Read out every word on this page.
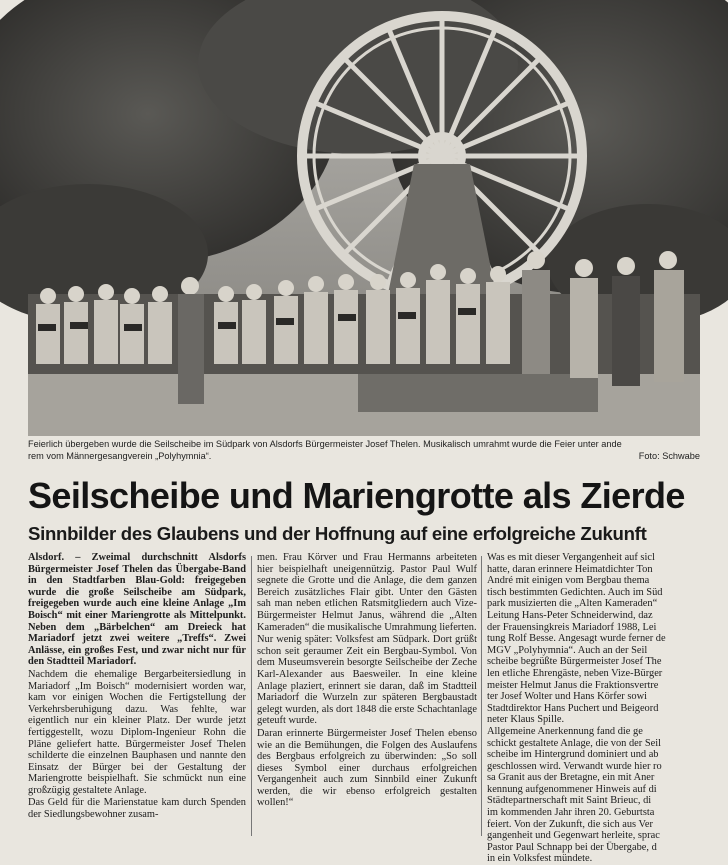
Feierlich übergeben wurde die Seilscheibe im Südpark von Alsdorfs Bürgermeister Josef Thelen. Musikalisch umrahmt wurde die Feier unter ande
rem vom Männergesangverein „Polyhymnia“.	Foto: Schwabe
Seilscheibe und Mariengrotte als Zierde
Sinnbilder des Glaubens und der Hoffnung auf eine erfolgreiche Zukunft

Alsdorf. – Zweimal durchschnitt Alsdorfs Bürgermeister Josef Thelen das Übergabe-Band in den Stadtfarben Blau-Gold: freigegeben wurde die große Seilscheibe am Südpark, freigegeben wurde auch eine kleine Anlage „Im Boisch“ mit einer Mariengrotte als Mittelpunkt. Neben dem „Bärbelchen“ am Dreieck hat Mariadorf jetzt zwei weitere „Treffs“. Zwei Anlässe, ein großes Fest, und zwar nicht nur für den Stadtteil Mariadorf.

Nachdem die ehemalige Bergarbeitersiedlung in Mariadorf „Im Boisch“ modernisiert worden war, kam vor einigen Wochen die Fertigstellung der Verkehrsberuhigung dazu. Was fehlte, war eigentlich nur ein kleiner Platz. Der wurde jetzt fertiggestellt, wozu Diplom-Ingenieur Rohn die Pläne geliefert hatte. Bürgermeister Josef Thelen schilderte die einzelnen Bauphasen und nannte den Einsatz der Bürger bei der Gestaltung der Mariengrotte beispielhaft. Sie schmückt nun eine großzügig gestaltete Anlage.

Das Geld für die Marienstatue kam durch Spenden der Siedlungsbewohner zusam-

men. Frau Körver und Frau Hermanns arbeiteten hier beispielhaft uneigennützig. Pastor Paul Wulf segnete die Grotte und die Anlage, die dem ganzen Bereich zusätzliches Flair gibt. Unter den Gästen sah man neben etlichen Ratsmitgliedern auch Vize-Bürgermeister Helmut Janus, während die „Alten Kameraden“ die musikalische Umrahmung lieferten.

Nur wenig später: Volksfest am Südpark. Dort grüßt schon seit geraumer Zeit ein Bergbau-Symbol. Von dem Museumsverein besorgte Seilscheibe der Zeche Karl-Alexander aus Baesweiler. In eine kleine Anlage plaziert, erinnert sie daran, daß im Stadtteil Mariadorf die Wurzeln zur späteren Bergbaustadt gelegt wurden, als dort 1848 die erste Schachtanlage geteuft wurde.

Daran erinnerte Bürgermeister Josef Thelen ebenso wie an die Bemühungen, die Folgen des Auslaufens des Bergbaus erfolgreich zu überwinden: „So soll dieses Symbol einer durchaus erfolgreichen Vergangenheit auch zum Sinnbild einer Zukunft werden, die wir ebenso erfolgreich gestalten wollen!“

Was es mit dieser Vergangenheit auf sicl
hatte, daran erinnere Heimatdichter Ton
André mit einigen vom Bergbau thema
tisch bestimmten Gedichten. Auch im Süd
park musizierten die „Alten Kameraden“
Leitung Hans-Peter Schneiderwind, daz
der Frauensingkreis Mariadorf 1988, Lei
tung Rolf Besse. Angesagt wurde ferner de
MGV „Polyhymnia“. Auch an der Seil
scheibe begrüßte Bürgermeister Josef The
len etliche Ehrengäste, neben Vize-Bürger
meister Helmut Janus die Fraktionsvertre
ter Josef Wolter und Hans Körfer sowi
Stadtdirektor Hans Puchert und Beigeord
neter Klaus Spille.
Allgemeine Anerkennung fand die ge
schickt gestaltete Anlage, die von der Seil
scheibe im Hintergrund dominiert und ab
geschlossen wird. Verwandt wurde hier ro
sa Granit aus der Bretagne, ein mit Aner
kennung aufgenommener Hinweis auf di
Städtepartnerschaft mit Saint Brieuc, di
im kommenden Jahr ihren 20. Geburtsta
feiert. Von der Zukunft, die sich aus Ver
gangenheit und Gegenwart herleite, sprac
Pastor Paul Schnapp bei der Übergabe, d
in ein Volksfest mündete.
